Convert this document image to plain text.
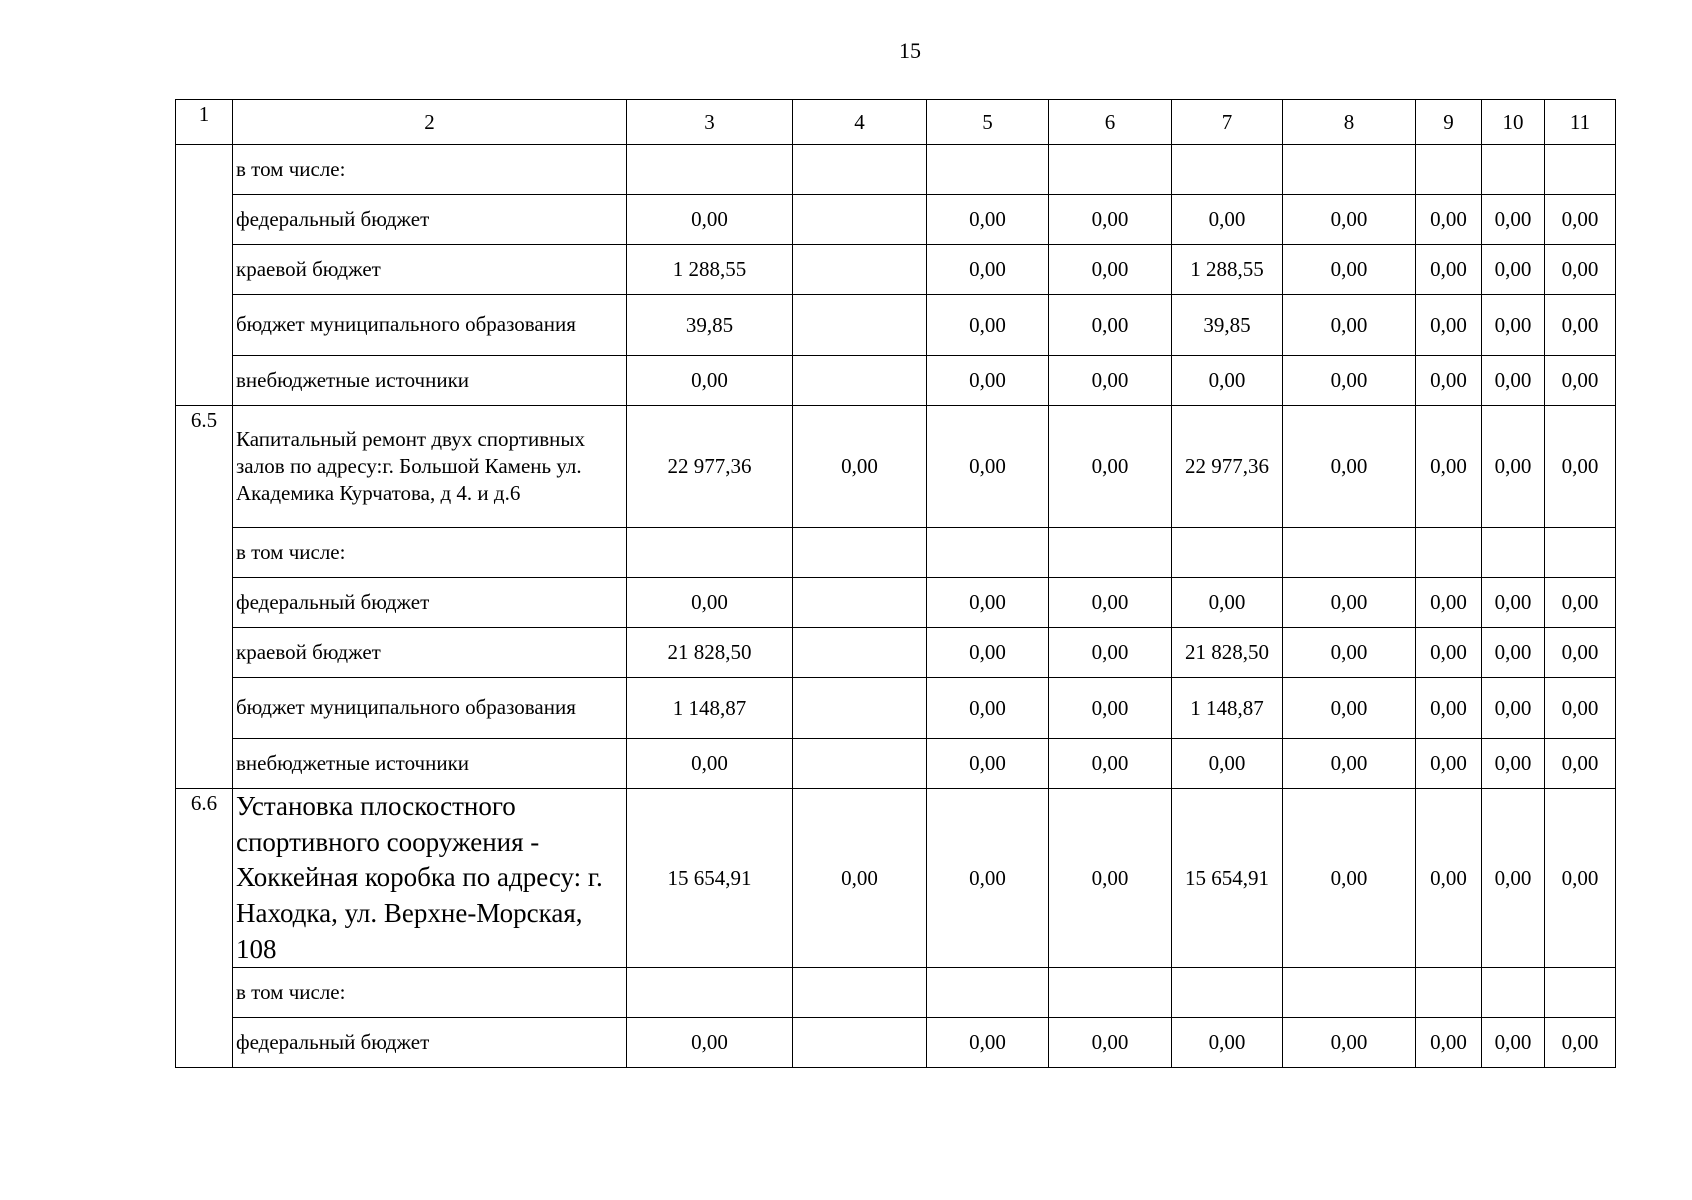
15
1	2	3	4	5	6	7	8	9	10	11
	в том числе:									
	федеральный бюджет	0,00		0,00	0,00	0,00	0,00	0,00	0,00	0,00
	краевой бюджет	1 288,55		0,00	0,00	1 288,55	0,00	0,00	0,00	0,00
	бюджет муниципального образования	39,85		0,00	0,00	39,85	0,00	0,00	0,00	0,00
	внебюджетные источники	0,00		0,00	0,00	0,00	0,00	0,00	0,00	0,00
6.5	Капитальный ремонт двух спортивных залов по адресу:г. Большой Камень ул. Академика Курчатова, д 4. и д.6	22 977,36	0,00	0,00	0,00	22 977,36	0,00	0,00	0,00	0,00
	в том числе:									
	федеральный бюджет	0,00		0,00	0,00	0,00	0,00	0,00	0,00	0,00
	краевой бюджет	21 828,50		0,00	0,00	21 828,50	0,00	0,00	0,00	0,00
	бюджет муниципального образования	1 148,87		0,00	0,00	1 148,87	0,00	0,00	0,00	0,00
	внебюджетные источники	0,00		0,00	0,00	0,00	0,00	0,00	0,00	0,00
6.6	Установка плоскостного спортивного сооружения - Хоккейная коробка по адресу: г. Находка, ул. Верхне-Морская, 108	15 654,91	0,00	0,00	0,00	15 654,91	0,00	0,00	0,00	0,00
	в том числе:									
	федеральный бюджет	0,00		0,00	0,00	0,00	0,00	0,00	0,00	0,00
